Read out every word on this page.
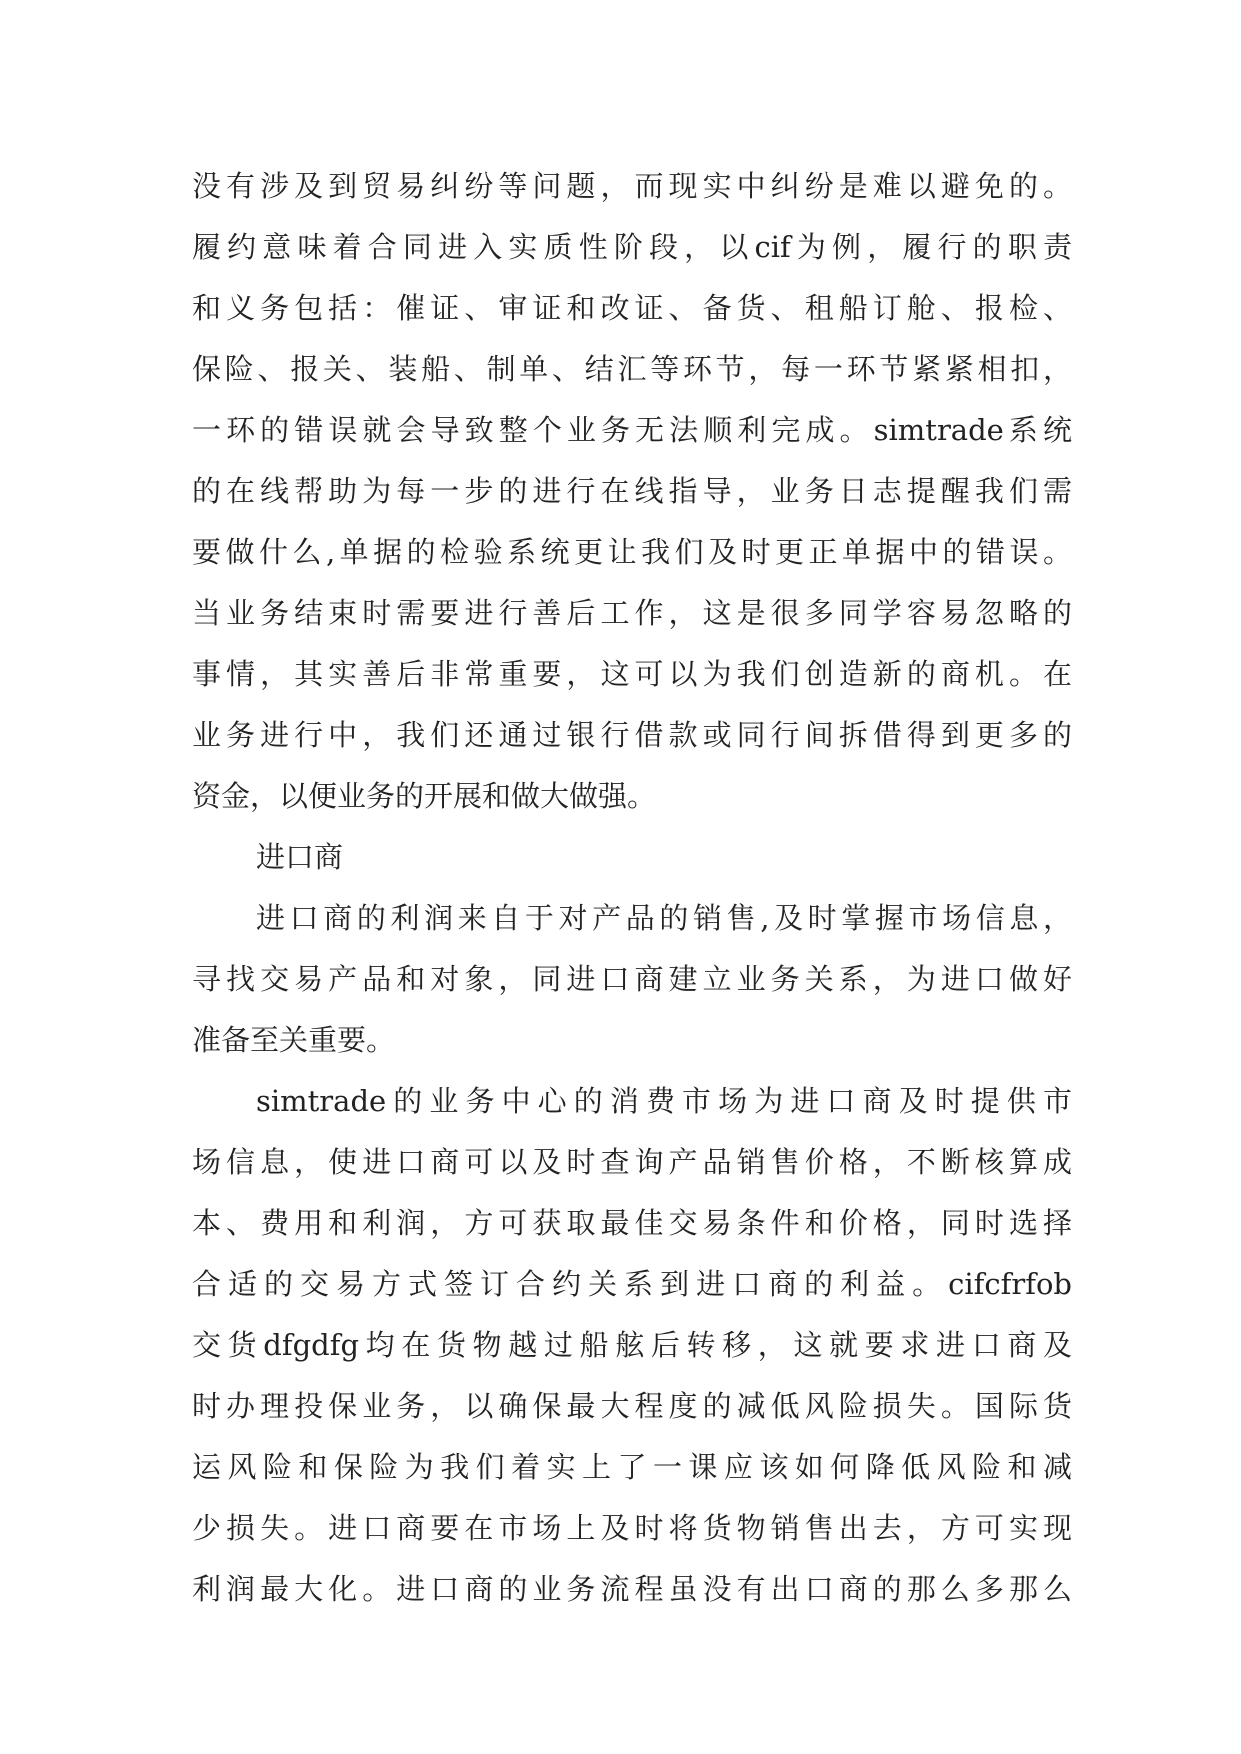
没有涉及到贸易纠纷等问题，而现实中纠纷是难以避免的。
履约意味着合同进入实质性阶段，以cif为例，履行的职责
和义务包括：催证、审证和改证、备货、租船订舱、报检、
保险、报关、装船、制单、结汇等环节，每一环节紧紧相扣，
一环的错误就会导致整个业务无法顺利完成。simtrade系统
的在线帮助为每一步的进行在线指导，业务日志提醒我们需
要做什么,单据的检验系统更让我们及时更正单据中的错误。
当业务结束时需要进行善后工作，这是很多同学容易忽略的
事情，其实善后非常重要，这可以为我们创造新的商机。在
业务进行中，我们还通过银行借款或同行间拆借得到更多的
资金，以便业务的开展和做大做强。
进口商
进口商的利润来自于对产品的销售,及时掌握市场信息，
寻找交易产品和对象，同进口商建立业务关系，为进口做好
准备至关重要。
simtrade的业务中心的消费市场为进口商及时提供市
场信息，使进口商可以及时查询产品销售价格，不断核算成
本、费用和利润，方可获取最佳交易条件和价格，同时选择
合适的交易方式签订合约关系到进口商的利益。cifcfrfob
交货dfgdfg均在货物越过船舷后转移，这就要求进口商及
时办理投保业务，以确保最大程度的减低风险损失。国际货
运风险和保险为我们着实上了一课应该如何降低风险和减
少损失。进口商要在市场上及时将货物销售出去，方可实现
利润最大化。进口商的业务流程虽没有出口商的那么多那么
